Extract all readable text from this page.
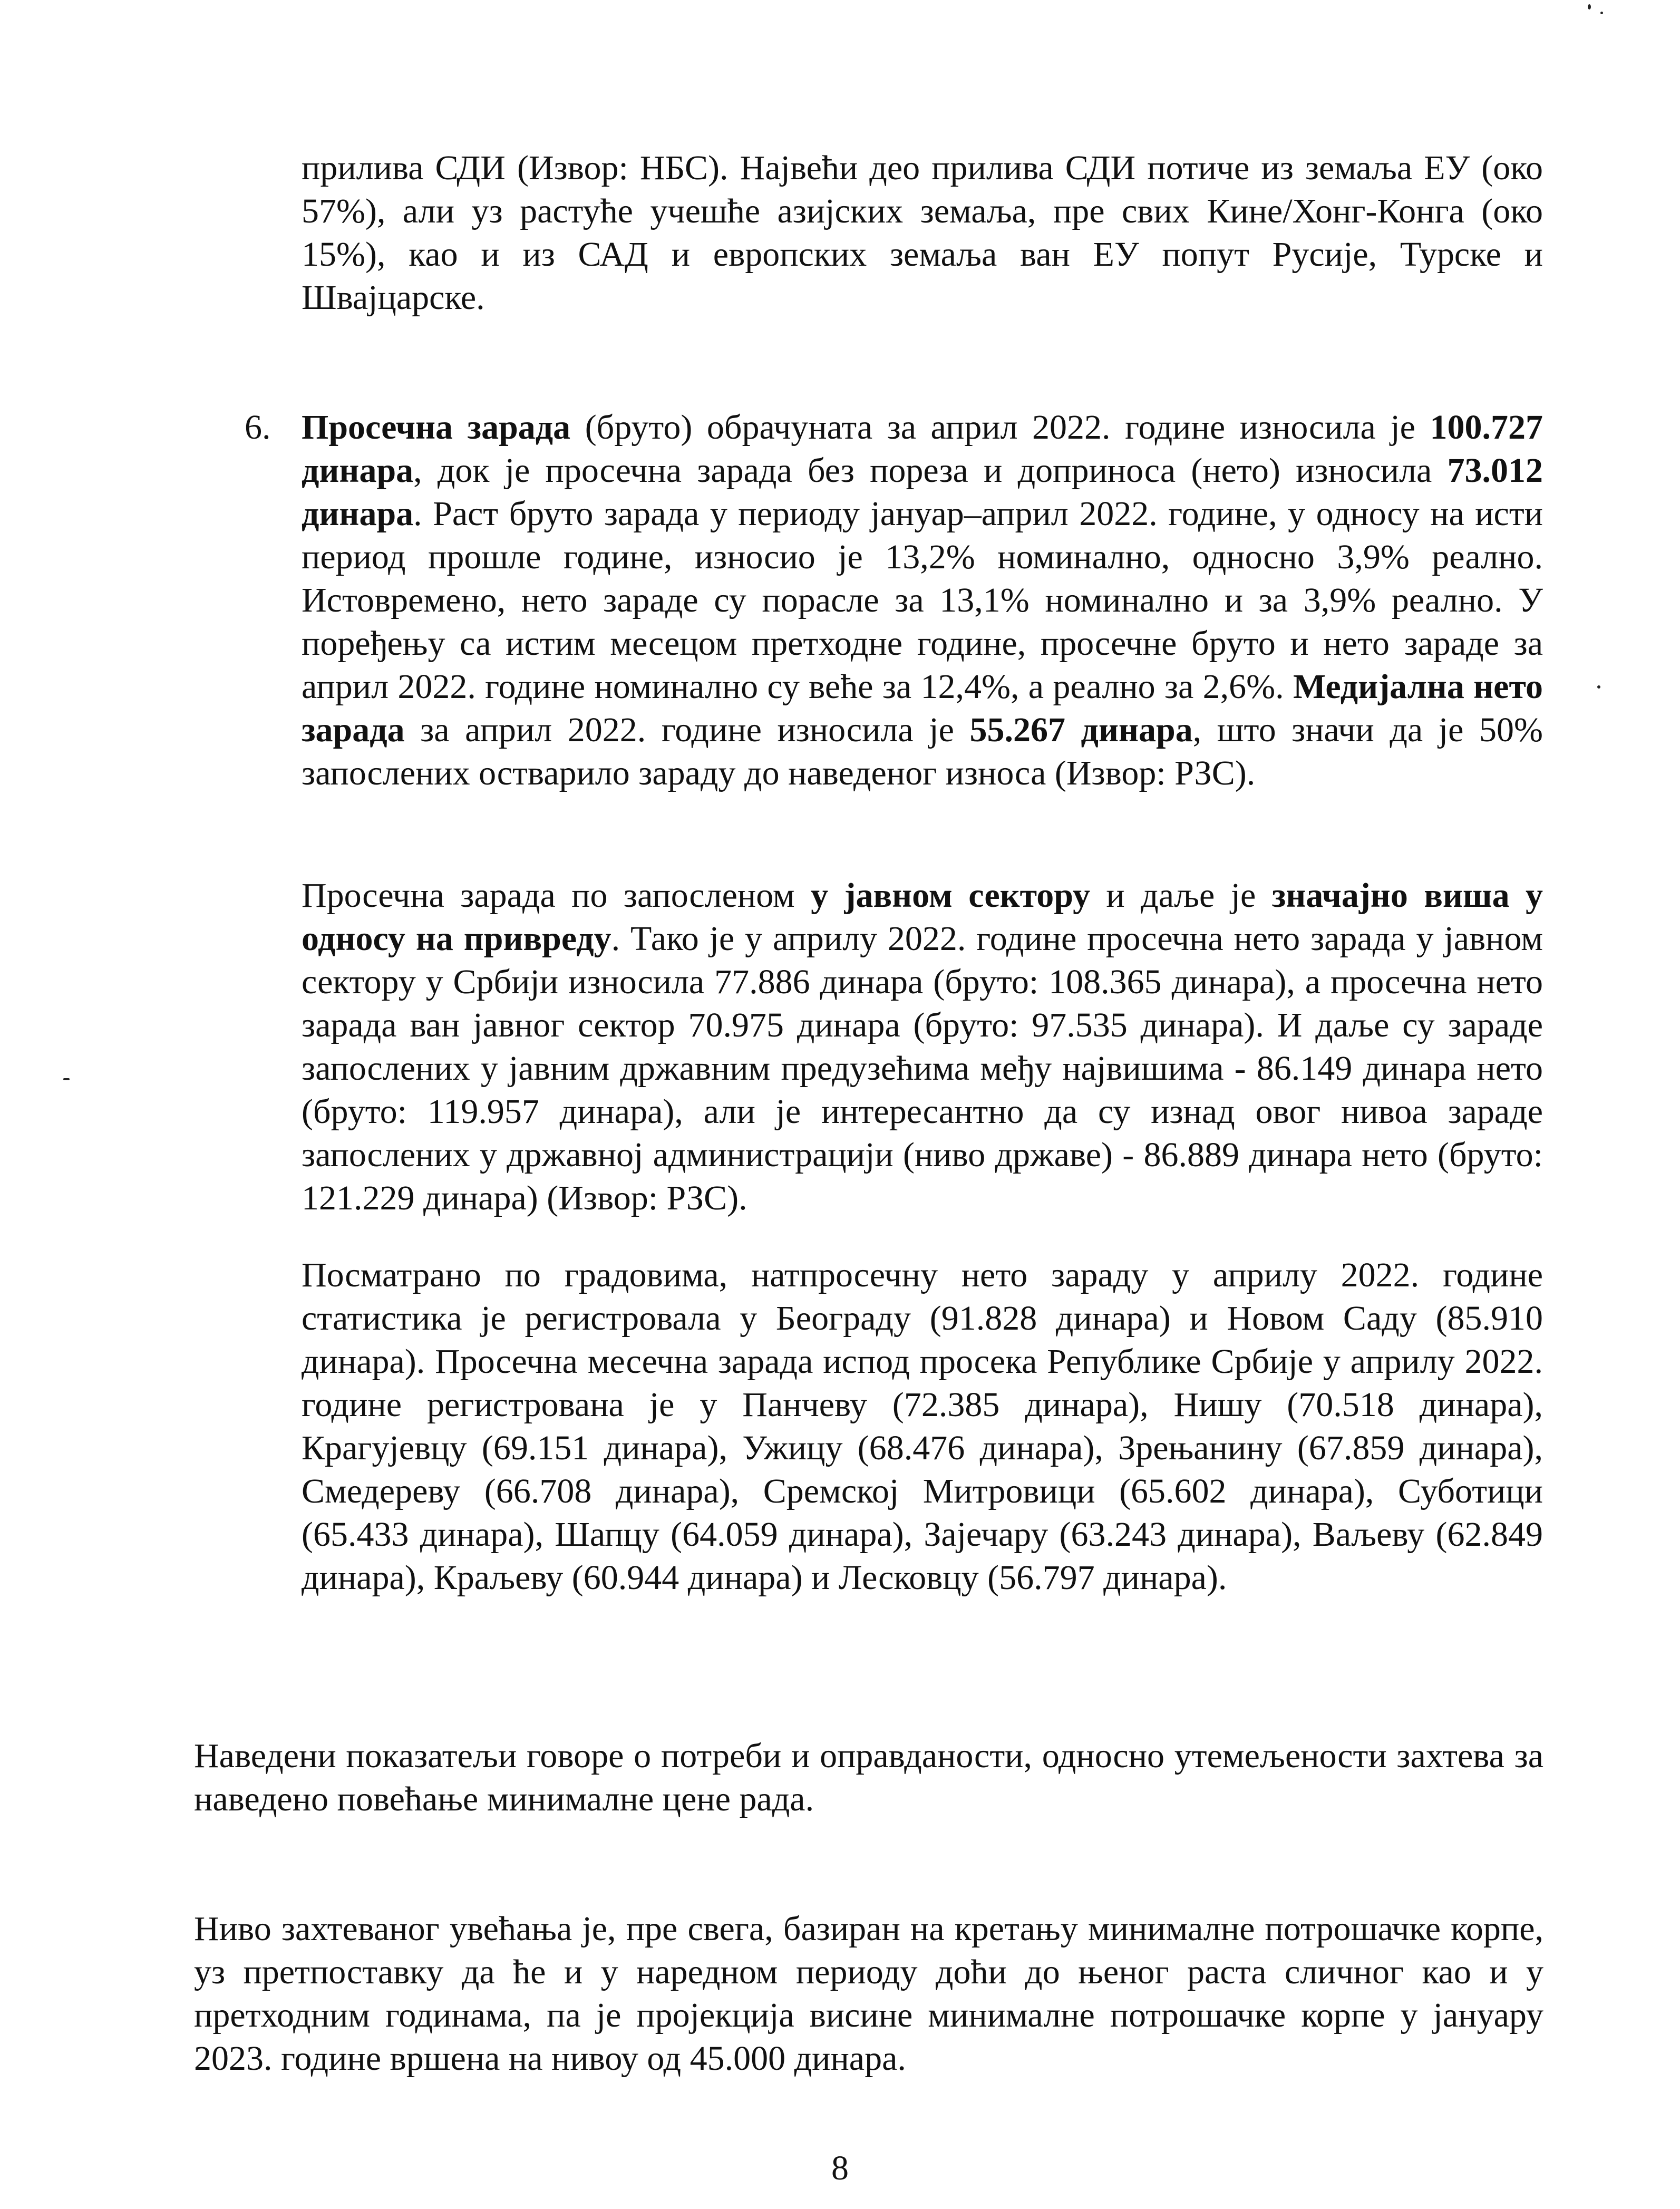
прилива СДИ (Извор: НБС). Највећи део прилива СДИ потиче из земаља ЕУ (око 57%), али уз растуће учешће азијских земаља, пре свих Кине/Хонг-Конга (око 15%), као и из САД и европских земаља ван ЕУ попут Русије, Турске и Швајцарске.

6. Просечна зарада (бруто) обрачуната за април 2022. године износила је 100.727 динара, док је просечна зарада без пореза и доприноса (нето) износила 73.012 динара. Раст бруто зарада у периоду јануар–април 2022. године, у односу на исти период прошле године, износио је 13,2% номинално, односно 3,9% реално. Истовремено, нето зараде су порасле за 13,1% номинално и за 3,9% реално. У поређењу са истим месецом претходне године, просечне бруто и нето зараде за април 2022. године номинално су веће за 12,4%, а реално за 2,6%. Медијална нето зарада за април 2022. године износила је 55.267 динара, што значи да је 50% запослених остварило зараду до наведеног износа (Извор: РЗС).

Просечна зарада по запосленом у јавном сектору и даље је значајно виша у односу на привреду. Тако је у априлу 2022. године просечна нето зарада у јавном сектору у Србији износила 77.886 динара (бруто: 108.365 динара), а просечна нето зарада ван јавног сектор 70.975 динара (бруто: 97.535 динара). И даље су зараде запослених у јавним државним предузећима међу највишима - 86.149 динара нето (бруто: 119.957 динара), али је интересантно да су изнад овог нивоа зараде запослених у државној администрацији (ниво државе) - 86.889 динара нето (бруто: 121.229 динара) (Извор: РЗС).

Посматрано по градовима, натпросечну нето зараду у априлу 2022. године статистика је регистровала у Београду (91.828 динара) и Новом Саду (85.910 динара). Просечна месечна зарада испод просека Републике Србије у априлу 2022. године регистрована је у Панчеву (72.385 динара), Нишу (70.518 динара), Крагујевцу (69.151 динара), Ужицу (68.476 динара), Зрењанину (67.859 динара), Смедереву (66.708 динара), Сремској Митровици (65.602 динара), Суботици (65.433 динара), Шапцу (64.059 динара), Зајечару (63.243 динара), Ваљеву (62.849 динара), Краљеву (60.944 динара) и Лесковцу (56.797 динара).

Наведени показатељи говоре о потреби и оправданости, односно утемељености захтева за наведено повећање минималне цене рада.

Ниво захтеваног увећања је, пре свега, базиран на кретању минималне потрошачке корпе, уз претпоставку да ће и у наредном периоду доћи до њеног раста сличног као и у претходним годинама, па је пројекција висине минималне потрошачке корпе у јануару 2023. године вршена на нивоу од 45.000 динара.

8
